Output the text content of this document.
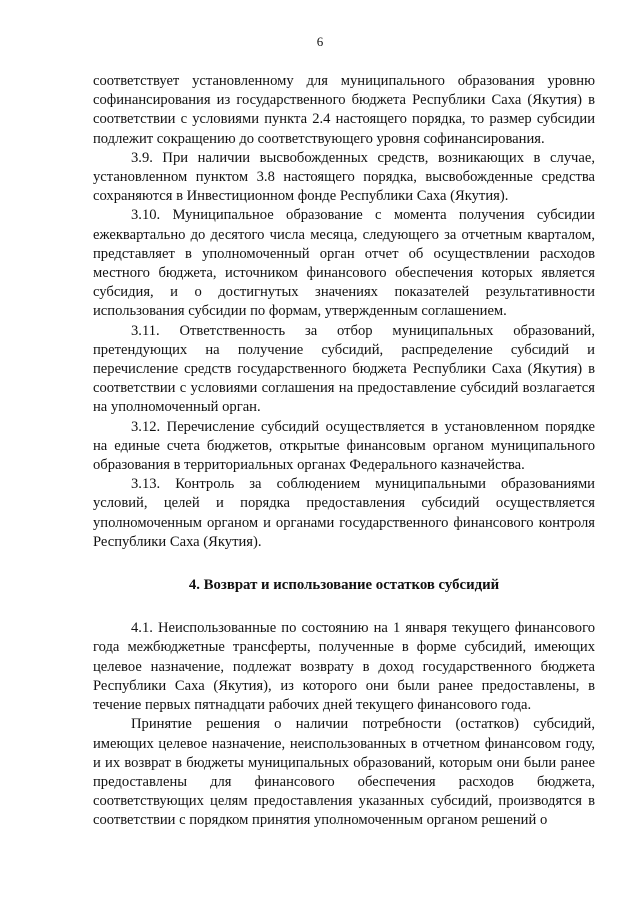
6

соответствует установленному для муниципального образования уровню софинансирования из государственного бюджета Республики Саха (Якутия) в соответствии с условиями пункта 2.4 настоящего порядка, то размер субсидии подлежит сокращению до соответствующего уровня софинансирования.

3.9. При наличии высвобожденных средств, возникающих в случае, установленном пунктом 3.8 настоящего порядка, высвобожденные средства сохраняются в Инвестиционном фонде Республики Саха (Якутия).

3.10. Муниципальное образование с момента получения субсидии ежеквартально до десятого числа месяца, следующего за отчетным кварталом, представляет в уполномоченный орган отчет об осуществлении расходов местного бюджета, источником финансового обеспечения которых является субсидия, и о достигнутых значениях показателей результативности использования субсидии по формам, утвержденным соглашением.

3.11. Ответственность за отбор муниципальных образований, претендующих на получение субсидий, распределение субсидий и перечисление средств государственного бюджета Республики Саха (Якутия) в соответствии с условиями соглашения на предоставление субсидий возлагается на уполномоченный орган.

3.12. Перечисление субсидий осуществляется в установленном порядке на единые счета бюджетов, открытые финансовым органом муниципального образования в территориальных органах Федерального казначейства.

3.13. Контроль за соблюдением муниципальными образованиями условий, целей и порядка предоставления субсидий осуществляется уполномоченным органом и органами государственного финансового контроля Республики Саха (Якутия).

4. Возврат и использование остатков субсидий

4.1. Неиспользованные по состоянию на 1 января текущего финансового года межбюджетные трансферты, полученные в форме субсидий, имеющих целевое назначение, подлежат возврату в доход государственного бюджета Республики Саха (Якутия), из которого они были ранее предоставлены, в течение первых пятнадцати рабочих дней текущего финансового года.

Принятие решения о наличии потребности (остатков) субсидий, имеющих целевое назначение, неиспользованных в отчетном финансовом году, и их возврат в бюджеты муниципальных образований, которым они были ранее предоставлены для финансового обеспечения расходов бюджета, соответствующих целям предоставления указанных субсидий, производятся в соответствии с порядком принятия уполномоченным органом решений о
